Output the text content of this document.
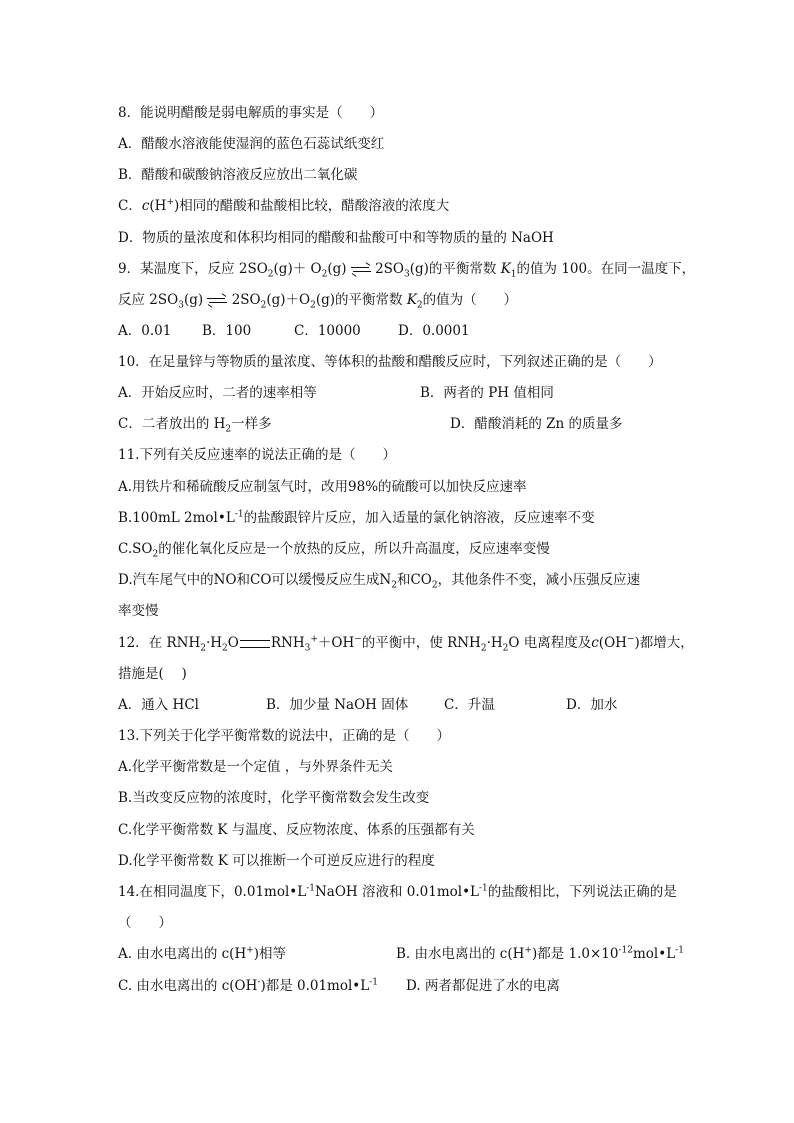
8．能说明醋酸是弱电解质的事实是（　　）
A．醋酸水溶液能使湿润的蓝色石蕊试纸变红
B．醋酸和碳酸钠溶液反应放出二氧化碳
C．c(H+)相同的醋酸和盐酸相比较，醋酸溶液的浓度大
D．物质的量浓度和体积均相同的醋酸和盐酸可中和等物质的量的 NaOH
9．某温度下，反应 $2SO_2(g)+ O_2(g)$ $2SO_3(g)$的平衡常数 $K_1$的值为 100。在同一温度下，
反应 $2SO_3(g)$ $2SO_2(g)+O_2(g)$的平衡常数 $K_2$的值为（　　）
A．0.01 B．100	C．10000	D．0.0001
10．在足量锌与等物质的量浓度、等体积的盐酸和醋酸反应时，下列叙述正确的是（　　）
A．开始反应时，二者的速率相等	B．两者的 PH 值相同
C．二者放出的 $H_2$一样多	D．醋酸消耗的 Zn 的质量多
11.下列有关反应速率的说法正确的是（　　）
A.用铁片和稀硫酸反应制氢气时，改用98%的硫酸可以加快反应速率
B.100mL $2mol•L^{-1}$的盐酸跟锌片反应，加入适量的氯化钠溶液，反应速率不变
$C.SO_2$的催化氧化反应是一个放热的反应，所以升高温度，反应速率变慢
D.汽车尾气中的NO和CO可以缓慢反应生成$N_2$和$CO_2$，其他条件不变，减小压强反应速
率变慢
12．在 $RNH_2\cdot H_2O$ $RNH_3^++OH^-$的平衡中，使 $RNH_2\cdot H_2O$ 电离程度及c(OH−)都增大，
措施是(　 )
A．通入 HCl	B．加少量 NaOH 固体	C．升温	D．加水
13.下列关于化学平衡常数的说法中，正确的是（　　）
A.化学平衡常数是一个定值 ，与外界条件无关
B.当改变反应物的浓度时，化学平衡常数会发生改变
C.化学平衡常数 K 与温度、反应物浓度、体系的压强都有关
D.化学平衡常数 K 可以推断一个可逆反应进行的程度
14.在相同温度下，$0.01mol•L^{-1}NaOH$ 溶液和 $0.01mol•L^{-1}$的盐酸相比，下列说法正确的是
（　　）
A. 由水电离出的 c(H+)相等	B. 由水电离出的 c(H+)都是 $1.0\times 10^{-12}mol•L^{-1}$
C. 由水电离出的 c(OH-)都是 $0.01mol•L^{-1}$ D. 两者都促进了水的电离
